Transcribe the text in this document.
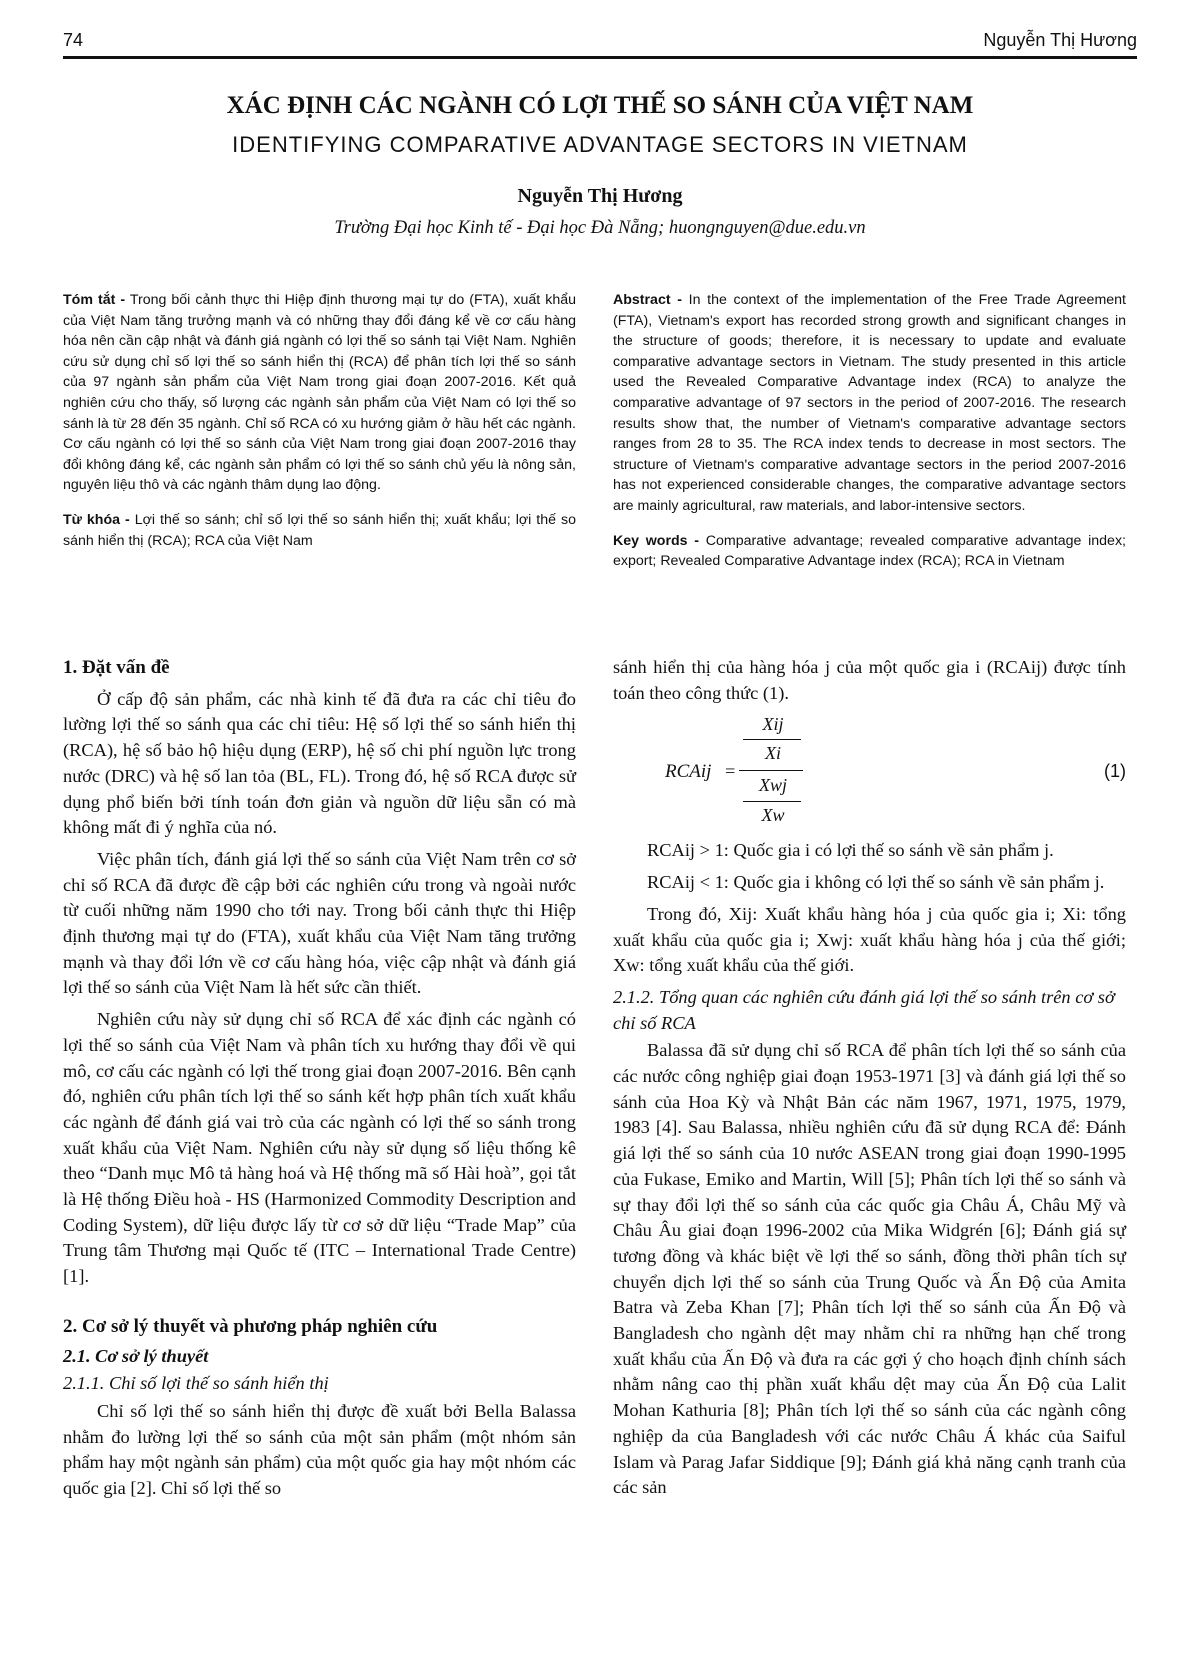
74	Nguyễn Thị Hương
XÁC ĐỊNH CÁC NGÀNH CÓ LỢI THẾ SO SÁNH CỦA VIỆT NAM
IDENTIFYING COMPARATIVE ADVANTAGE SECTORS IN VIETNAM
Nguyễn Thị Hương
Trường Đại học Kinh tế - Đại học Đà Nẵng; huongnguyen@due.edu.vn

Tóm tắt - Trong bối cảnh thực thi Hiệp định thương mại tự do (FTA), xuất khẩu của Việt Nam tăng trưởng mạnh và có những thay đổi đáng kể về cơ cấu hàng hóa nên cần cập nhật và đánh giá ngành có lợi thế so sánh tại Việt Nam. Nghiên cứu sử dụng chỉ số lợi thế so sánh hiển thị (RCA) để phân tích lợi thế so sánh của 97 ngành sản phẩm của Việt Nam trong giai đoạn 2007-2016. Kết quả nghiên cứu cho thấy, số lượng các ngành sản phẩm của Việt Nam có lợi thế so sánh là từ 28 đến 35 ngành. Chỉ số RCA có xu hướng giảm ở hầu hết các ngành. Cơ cấu ngành có lợi thế so sánh của Việt Nam trong giai đoạn 2007-2016 thay đổi không đáng kể, các ngành sản phẩm có lợi thế so sánh chủ yếu là nông sản, nguyên liệu thô và các ngành thâm dụng lao động.

Từ khóa - Lợi thế so sánh; chỉ số lợi thế so sánh hiển thị; xuất khẩu; lợi thế so sánh hiển thị (RCA); RCA của Việt Nam

Abstract - In the context of the implementation of the Free Trade Agreement (FTA), Vietnam's export has recorded strong growth and significant changes in the structure of goods; therefore, it is necessary to update and evaluate comparative advantage sectors in Vietnam. The study presented in this article used the Revealed Comparative Advantage index (RCA) to analyze the comparative advantage of 97 sectors in the period of 2007-2016. The research results show that, the number of Vietnam's comparative advantage sectors ranges from 28 to 35. The RCA index tends to decrease in most sectors. The structure of Vietnam's comparative advantage sectors in the period 2007-2016 has not experienced considerable changes, the comparative advantage sectors are mainly agricultural, raw materials, and labor-intensive sectors.

Key words - Comparative advantage; revealed comparative advantage index; export; Revealed Comparative Advantage index (RCA); RCA in Vietnam

1. Đặt vấn đề

Ở cấp độ sản phẩm, các nhà kinh tế đã đưa ra các chỉ tiêu đo lường lợi thế so sánh qua các chỉ tiêu: Hệ số lợi thế so sánh hiển thị (RCA), hệ số bảo hộ hiệu dụng (ERP), hệ số chi phí nguồn lực trong nước (DRC) và hệ số lan tỏa (BL, FL). Trong đó, hệ số RCA được sử dụng phổ biến bởi tính toán đơn giản và nguồn dữ liệu sẵn có mà không mất đi ý nghĩa của nó.

Việc phân tích, đánh giá lợi thế so sánh của Việt Nam trên cơ sở chỉ số RCA đã được đề cập bởi các nghiên cứu trong và ngoài nước từ cuối những năm 1990 cho tới nay. Trong bối cảnh thực thi Hiệp định thương mại tự do (FTA), xuất khẩu của Việt Nam tăng trưởng mạnh và thay đổi lớn về cơ cấu hàng hóa, việc cập nhật và đánh giá lợi thế so sánh của Việt Nam là hết sức cần thiết.

Nghiên cứu này sử dụng chỉ số RCA để xác định các ngành có lợi thế so sánh của Việt Nam và phân tích xu hướng thay đổi về qui mô, cơ cấu các ngành có lợi thế trong giai đoạn 2007-2016. Bên cạnh đó, nghiên cứu phân tích lợi thế so sánh kết hợp phân tích xuất khẩu các ngành để đánh giá vai trò của các ngành có lợi thế so sánh trong xuất khẩu của Việt Nam. Nghiên cứu này sử dụng số liệu thống kê theo “Danh mục Mô tả hàng hoá và Hệ thống mã số Hài hoà”, gọi tắt là Hệ thống Điều hoà - HS (Harmonized Commodity Description and Coding System), dữ liệu được lấy từ cơ sở dữ liệu “Trade Map” của Trung tâm Thương mại Quốc tế (ITC – International Trade Centre) [1].

2. Cơ sở lý thuyết và phương pháp nghiên cứu
2.1. Cơ sở lý thuyết
2.1.1. Chỉ số lợi thế so sánh hiển thị

Chỉ số lợi thế so sánh hiển thị được đề xuất bởi Bella Balassa nhằm đo lường lợi thế so sánh của một sản phẩm (một nhóm sản phẩm hay một ngành sản phẩm) của một quốc gia hay một nhóm các quốc gia [2]. Chỉ số lợi thế so

sánh hiển thị của hàng hóa j của một quốc gia i (RCAij) được tính toán theo công thức (1).

RCAij =
Xij
Xi
Xwj
Xw
(1)

RCAij > 1: Quốc gia i có lợi thế so sánh về sản phẩm j.

RCAij < 1: Quốc gia i không có lợi thế so sánh về sản phẩm j.

Trong đó, Xij: Xuất khẩu hàng hóa j của quốc gia i; Xi: tổng xuất khẩu của quốc gia i; Xwj: xuất khẩu hàng hóa j của thế giới; Xw: tổng xuất khẩu của thế giới.

2.1.2. Tổng quan các nghiên cứu đánh giá lợi thế so sánh trên cơ sở chỉ số RCA

Balassa đã sử dụng chỉ số RCA để phân tích lợi thế so sánh của các nước công nghiệp giai đoạn 1953-1971 [3] và đánh giá lợi thế so sánh của Hoa Kỳ và Nhật Bản các năm 1967, 1971, 1975, 1979, 1983 [4]. Sau Balassa, nhiều nghiên cứu đã sử dụng RCA để: Đánh giá lợi thế so sánh của 10 nước ASEAN trong giai đoạn 1990-1995 của Fukase, Emiko and Martin, Will [5]; Phân tích lợi thế so sánh và sự thay đổi lợi thế so sánh của các quốc gia Châu Á, Châu Mỹ và Châu Âu giai đoạn 1996-2002 của Mika Widgrén [6]; Đánh giá sự tương đồng và khác biệt về lợi thế so sánh, đồng thời phân tích sự chuyển dịch lợi thế so sánh của Trung Quốc và Ấn Độ của Amita Batra và Zeba Khan [7]; Phân tích lợi thế so sánh của Ấn Độ và Bangladesh cho ngành dệt may nhằm chỉ ra những hạn chế trong xuất khẩu của Ấn Độ và đưa ra các gợi ý cho hoạch định chính sách nhằm nâng cao thị phần xuất khẩu dệt may của Ấn Độ của Lalit Mohan Kathuria [8]; Phân tích lợi thế so sánh của các ngành công nghiệp da của Bangladesh với các nước Châu Á khác của Saiful Islam và Parag Jafar Siddique [9]; Đánh giá khả năng cạnh tranh của các sản
